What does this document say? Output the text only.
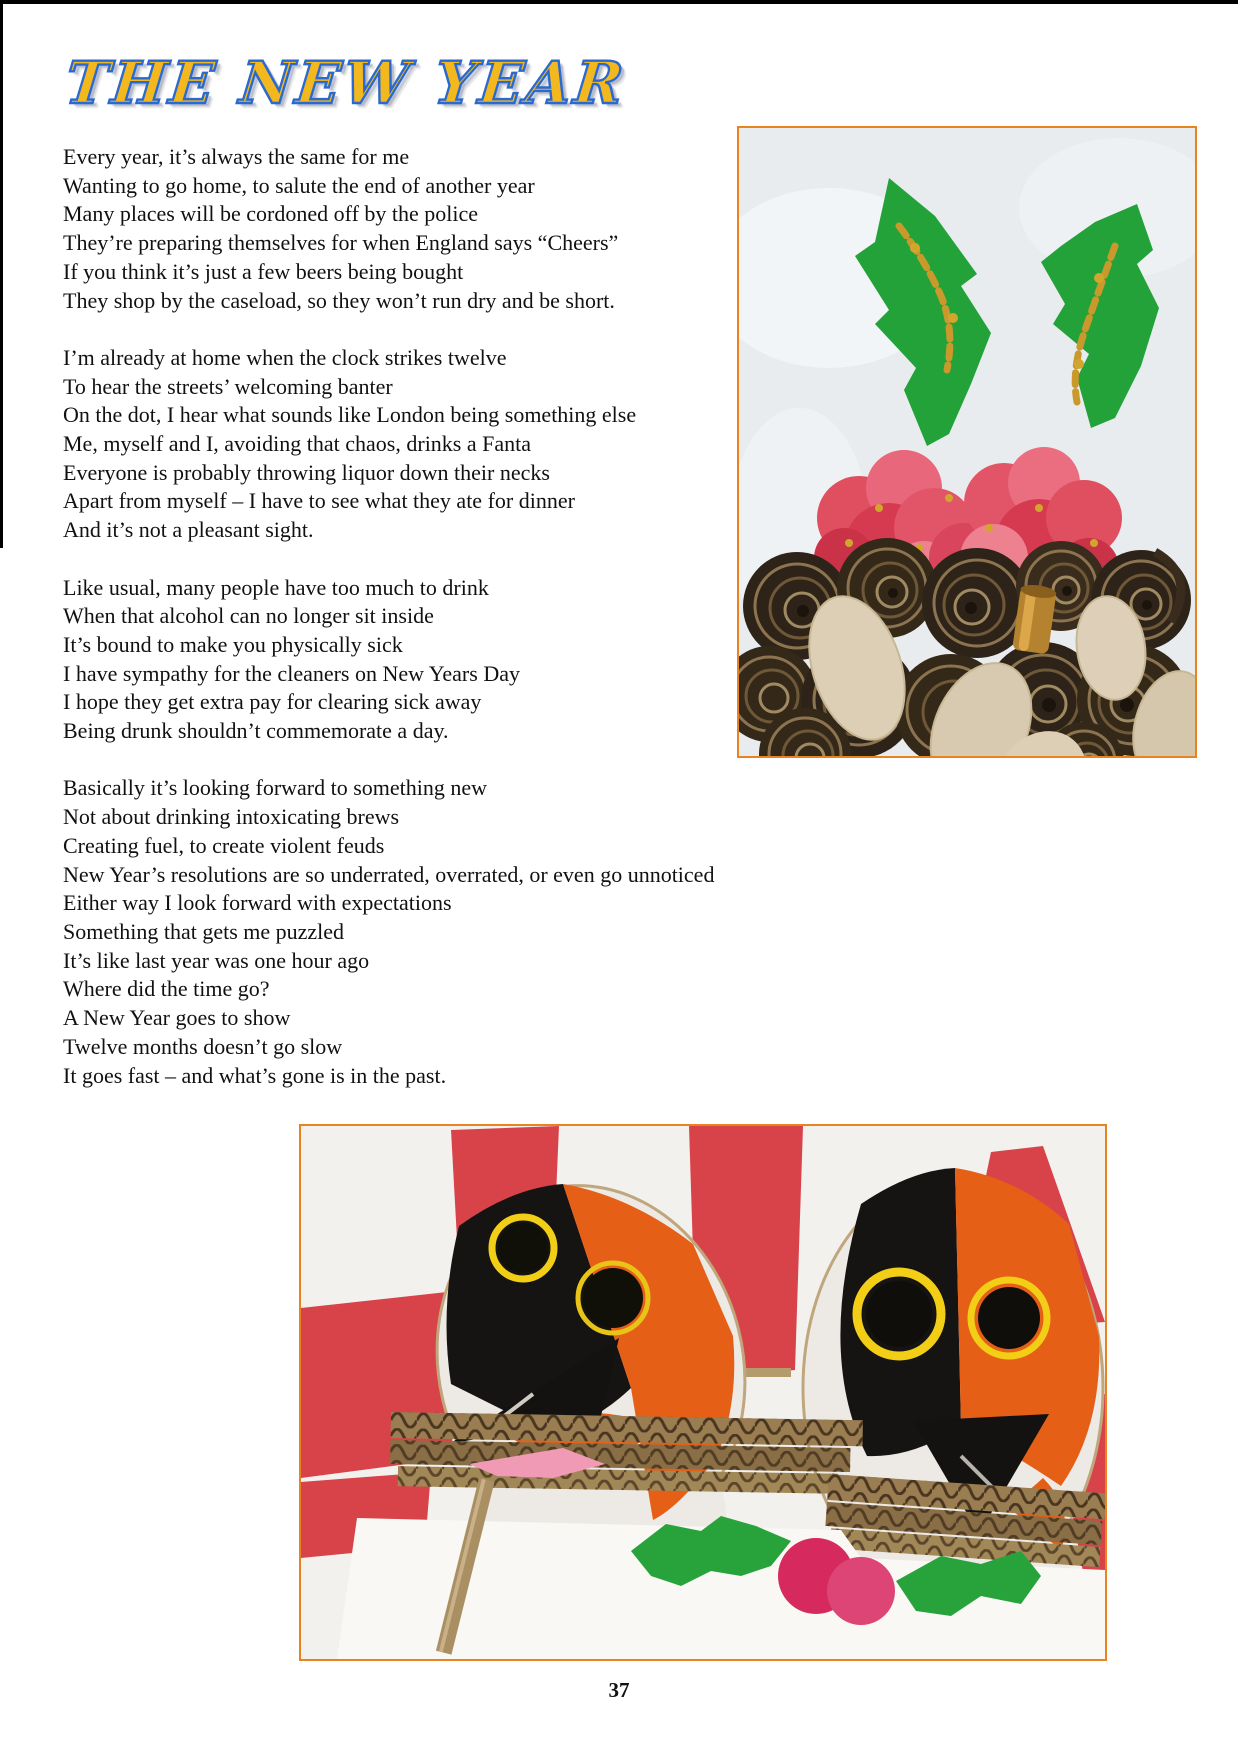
THE NEW YEAR
Every year, it’s always the same for me
Wanting to go home, to salute the end of another year
Many places will be cordoned off by the police
They’re preparing themselves for when England says “Cheers”
If you think it’s just a few beers being bought
They shop by the caseload, so they won’t run dry and be short.

I’m already at home when the clock strikes twelve
To hear the streets’ welcoming banter
On the dot, I hear what sounds like London being something else
Me, myself and I, avoiding that chaos, drinks a Fanta
Everyone is probably throwing liquor down their necks
Apart from myself – I have to see what they ate for dinner
And it’s not a pleasant sight.

Like usual, many people have too much to drink
When that alcohol can no longer sit inside
It’s bound to make you physically sick
I have sympathy for the cleaners on New Years Day
I hope they get extra pay for clearing sick away
Being drunk shouldn’t commemorate a day.

Basically it’s looking forward to something new
Not about drinking intoxicating brews
Creating fuel, to create violent feuds
New Year’s resolutions are so underrated, overrated, or even go unnoticed
Either way I look forward with expectations
Something that gets me puzzled
It’s like last year was one hour ago
Where did the time go?
A New Year goes to show
Twelve months doesn’t go slow
It goes fast – and what’s gone is in the past.
37
